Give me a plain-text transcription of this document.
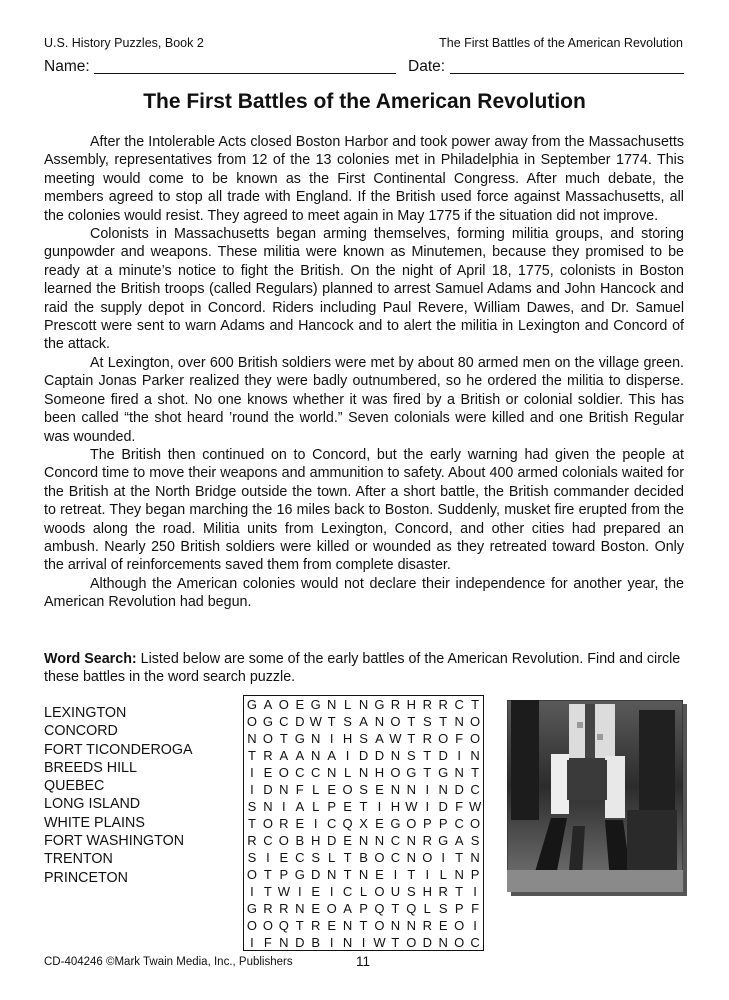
U.S. History Puzzles, Book 2	The First Battles of the American Revolution
Name:	Date:
The First Battles of the American Revolution

After the Intolerable Acts closed Boston Harbor and took power away from the Massachusetts Assembly, representatives from 12 of the 13 colonies met in Philadelphia in September 1774. This meeting would come to be known as the First Continental Congress. After much debate, the members agreed to stop all trade with England. If the British used force against Massachusetts, all the colonies would resist. They agreed to meet again in May 1775 if the situation did not improve.

Colonists in Massachusetts began arming themselves, forming militia groups, and storing gunpowder and weapons. These militia were known as Minutemen, because they promised to be ready at a minute’s notice to fight the British. On the night of April 18, 1775, colonists in Boston learned the British troops (called Regulars) planned to arrest Samuel Adams and John Hancock and raid the supply depot in Concord. Riders including Paul Revere, William Dawes, and Dr. Samuel Prescott were sent to warn Adams and Hancock and to alert the militia in Lexington and Concord of the attack.

At Lexington, over 600 British soldiers were met by about 80 armed men on the village green. Captain Jonas Parker realized they were badly outnumbered, so he ordered the militia to disperse. Someone fired a shot. No one knows whether it was fired by a British or colonial soldier. This has been called “the shot heard ’round the world.” Seven colonials were killed and one British Regular was wounded.

The British then continued on to Concord, but the early warning had given the people at Concord time to move their weapons and ammunition to safety. About 400 armed colonials waited for the British at the North Bridge outside the town. After a short battle, the British commander decided to retreat. They began marching the 16 miles back to Boston. Suddenly, musket fire erupted from the woods along the road. Militia units from Lexington, Concord, and other cities had prepared an ambush. Nearly 250 British soldiers were killed or wounded as they retreated toward Boston. Only the arrival of reinforcements saved them from complete disaster.

Although the American colonies would not declare their independence for another year, the American Revolution had begun.

Word Search: Listed below are some of the early battles of the American Revolution. Find and circle these battles in the word search puzzle.

LEXINGTON
CONCORD
FORT TICONDEROGA
BREEDS HILL
QUEBEC
LONG ISLAND
WHITE PLAINS
FORT WASHINGTON
TRENTON
PRINCETON
G A O E G N L N G R H R R C T
O G C D W T S A N O T S T N O
N O T G N I H S A W T R O F O
T R A A N A I D D N S T D I N
I E O C C N L N H O G T G N T
I D N F L E O S E N N I N D C
S N I A L P E T I H W I D F W
T O R E I C Q X E G O P P C O
R C O B H D E N N C N R G A S
S I E C S L T B O C N O I T N
O T P G D N T N E I T I L N P
I T W I E I C L O U S H R T I
G R R N E O A P Q T Q L S P F
O O Q T R E N T O N N R E O I
I F N D B I N I W T O D N O C
CD-404246 ©Mark Twain Media, Inc., Publishers	11
